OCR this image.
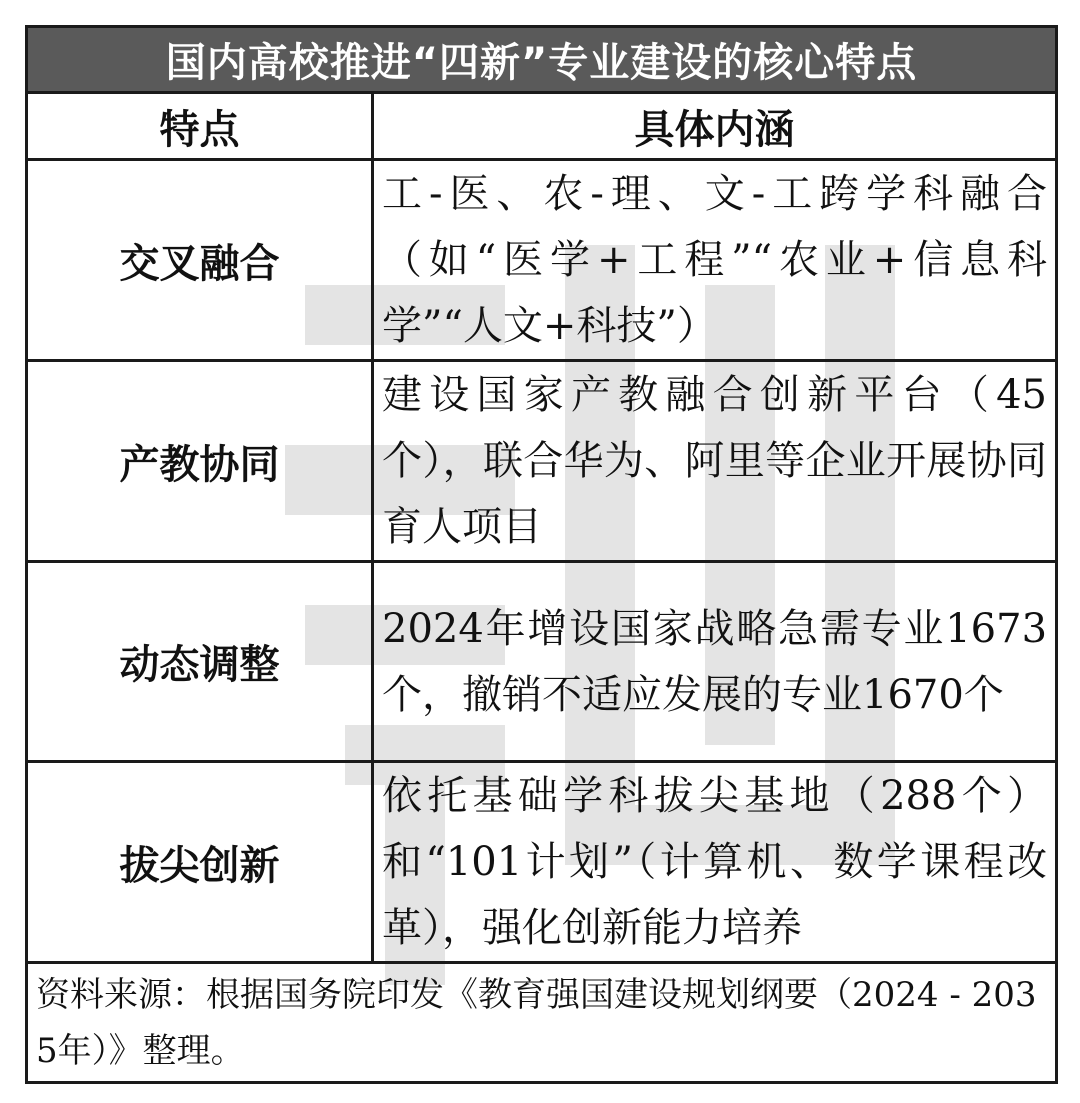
国内高校推进“四新”专业建设的核心特点	
特点	具体内涵
交叉融合	工-医、农-理、文-工跨学科融合（如“医学+工程”“农业+信息科学”“人文+科技”）
产教协同	建设国家产教融合创新平台（45个），联合华为、阿里等企业开展协同育人项目
动态调整	2024年增设国家战略急需专业1673个，撤销不适应发展的专业1670个
拔尖创新	依托基础学科拔尖基地（288个）和“101计划”（计算机、数学课程改革），强化创新能力培养
资料来源：根据国务院印发《教育强国建设规划纲要（2024 - 2035年）》整理。	
